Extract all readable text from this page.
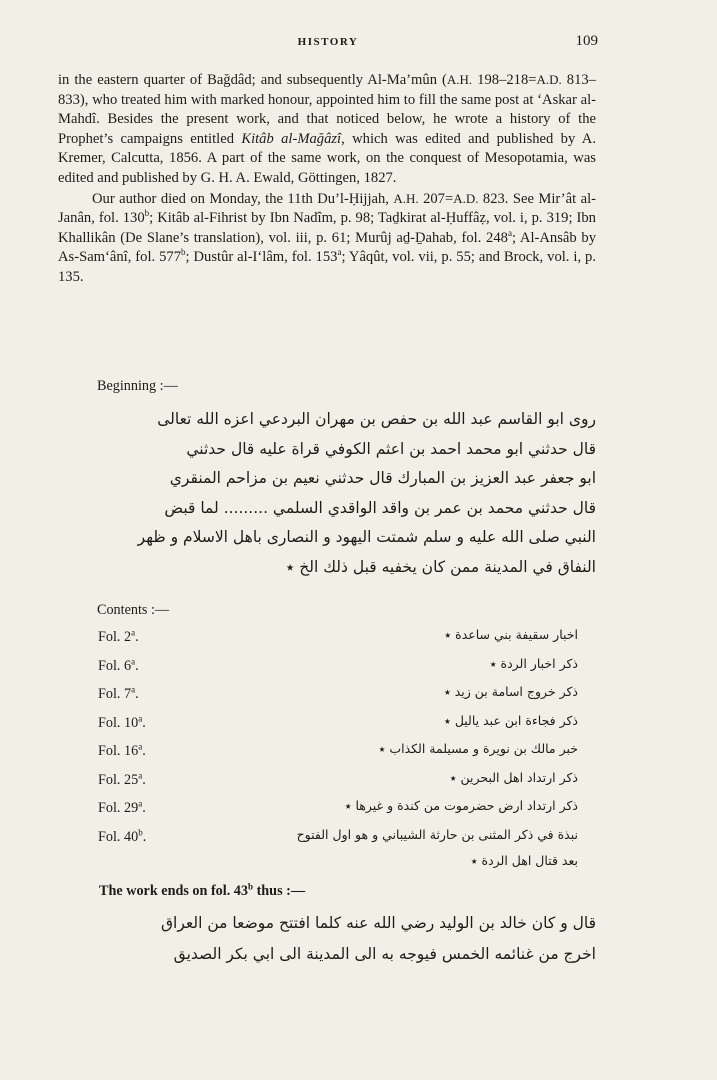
HISTORY	109

in the eastern quarter of Bağdâd; and subsequently Al-Ma’mûn (A.H. 198–218=A.D. 813–833), who treated him with marked honour, appointed him to fill the same post at ‘Askar al-Mahdî. Besides the present work, and that noticed below, he wrote a history of the Prophet’s campaigns entitled Kitâb al-Mağâzî, which was edited and published by A. Kremer, Calcutta, 1856. A part of the same work, on the conquest of Mesopotamia, was edited and published by G. H. A. Ewald, Göttingen, 1827.

Our author died on Monday, the 11th Du’l-Ḥijjah, A.H. 207=A.D. 823. See Mir’ât al-Janân, fol. 130$^b$; Kitâb al-Fihrist by Ibn Nadîm, p. 98; Taḏkirat al-Ḥuffâẓ, vol. i, p. 319; Ibn Khallikân (De Slane’s translation), vol. iii, p. 61; Murûj aḏ-Ḏahab, fol. 248$^a$; Al-Ansâb by As-Sam‘ânî, fol. 577$^b$; Dustûr al-I‘lâm, fol. 153$^a$; Yâqût, vol. vii, p. 55; and Brock, vol. i, p. 135.

Beginning :—
روى ابو القاسم عبد الله بن حفص بن مهران البردعي اعزه الله تعالى
قال حدثني ابو محمد احمد بن اعثم الكوفي قراة عليه قال حدثني
ابو جعفر عبد العزيز بن المبارك قال حدثني نعيم بن مزاحم المنقري
قال حدثني محمد بن عمر بن واقد الواقدي السلمي ......... لما قبض
النبي صلى الله عليه و سلم شمتت اليهود و النصارى باهل الاسلام و ظهر
النفاق في المدينة ممن كان يخفيه قبل ذلك الخ ٭
Contents :—
Fol. 2$^a$.	اخبار سقيفة بني ساعدة ٭
Fol. 6$^a$.	ذكر اخبار الردة ٭
Fol. 7$^a$.	ذكر خروج اسامة بن زيد ٭
Fol. 10$^a$.	ذكر فجاءة ابن عبد ياليل ٭
Fol. 16$^a$.	خبر مالك بن نويرة و مسيلمة الكذاب ٭
Fol. 25$^a$.	ذكر ارتداد اهل البحرين ٭
Fol. 29$^a$.	ذكر ارتداد ارض حضرموت من كندة و غيرها ٭
Fol. 40$^b$.	نبذة في ذكر المثنى بن حارثة الشيباني و هو اول الفتوح
بعد قتال اهل الردة ٭
The work ends on fol. 43$^b$ thus :—
قال و كان خالد بن الوليد رضي الله عنه كلما افتتح موضعا من العراق
اخرج من غنائمه الخمس فيوجه به الى المدينة الى ابي بكر الصديق
